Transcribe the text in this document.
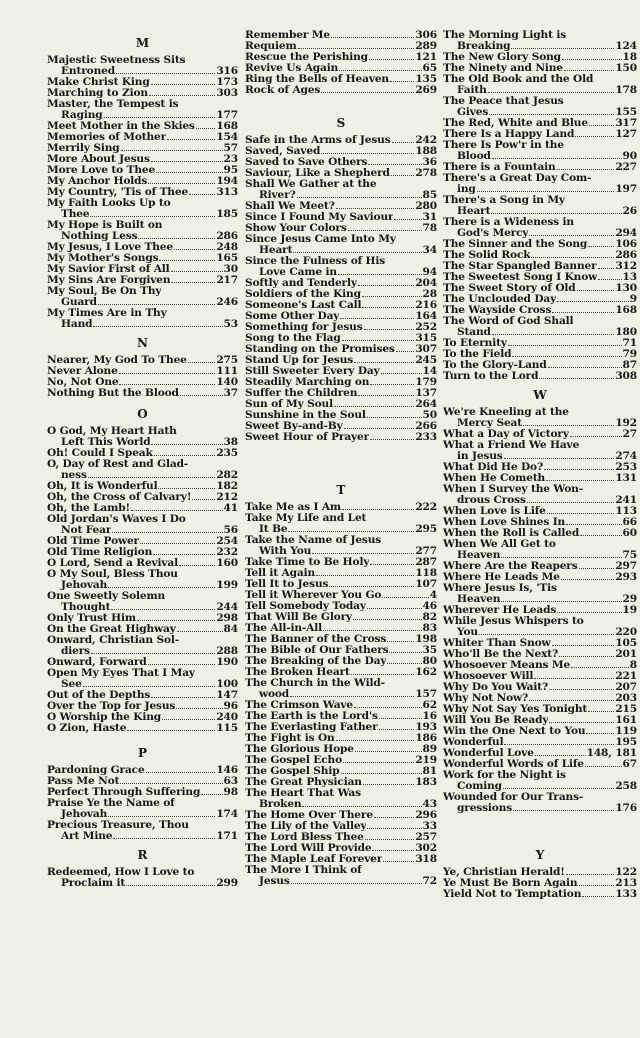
M
Majestic Sweetness Sits
Entroned	316
Make Christ King	173
Marching to Zion	303
Master, the Tempest is
Raging	177
Meet Mother in the Skies 168
Memories of Mother	154
Merrily Sing	57
More About Jesus	23
More Love to Thee	95
My Anchor Holds	194
My Country, 'Tis of Thee	313
My Faith Looks Up to
Thee	185
My Hope is Built on
Nothing Less	286
My Jesus, I Love Thee	248
My Mother's Songs	165
My Savior First of All	30
My Sins Are Forgiven	217
My Soul, Be On Thy
Guard	246
My Times Are in Thy
Hand	53
N
Nearer, My God To Thee	275
Never Alone	111
No, Not One	140
Nothing But the Blood	37
O
O God, My Heart Hath
Left This World	38
Oh! Could I Speak	235
O, Day of Rest and Glad-
ness	282
Oh, It is Wonderful	182
Oh, the Cross of Calvary! 212
Oh, the Lamb!	41
Old Jordan's Waves I Do
Not Fear	56
Old Time Power	254
Old Time Religion	232
O Lord, Send a Revival	160
O My Soul, Bless Thou
Jehovah	199
One Sweetly Solemn
Thought	244
Only Trust Him	298
On the Great Highway	84
Onward, Christian Sol-
diers	288
Onward, Forward	190
Open My Eyes That I May
See	100
Out of the Depths	147
Over the Top for Jesus	96
O Worship the King	240
O Zion, Haste	115
P
Pardoning Grace	146
Pass Me Not	63
Perfect Through Suffering 98
Praise Ye the Name of
Jehovah	174
Precious Treasure, Thou
Art Mine	171
R
Redeemed, How I Love to
Proclaim it	299
Remember Me	306
Requiem	289
Rescue the Perishing	121
Revive Us Again	65
Ring the Bells of Heaven 135
Rock of Ages	269
S
Safe in the Arms of Jesus 242
Saved, Saved	188
Saved to Save Others	36
Saviour, Like a Shepherd 278
Shall We Gather at the
River?	85
Shall We Meet?	280
Since I Found My Saviour	31
Show Your Colors	78
Since Jesus Came Into My
Heart	34
Since the Fulness of His
Love Came in	94
Softly and Tenderly	204
Soldiers of the King	28
Someone's Last Call	216
Some Other Day	164
Something for Jesus	252
Song to the Flag	315
Standing on the Promises 307
Stand Up for Jesus	245
Still Sweeter Every Day	14
Steadily Marching on	179
Suffer the Children	137
Sun of My Soul	264
Sunshine in the Soul	50
Sweet By-and-By	266
Sweet Hour of Prayer	233
T
Take Me as I Am	222
Take My Life and Let
It Be	295
Take the Name of Jesus
With You	277
Take Time to Be Holy	287
Tell it Again	118
Tell It to Jesus	107
Tell it Wherever You Go	4
Tell Somebody Today	46
That Will Be Glory	82
The All-in-All	83
The Banner of the Cross	198
The Bible of Our Fathers	35
The Breaking of the Day	80
The Broken Heart	162
The Church in the Wild-
wood	157
The Crimson Wave	62
The Earth is the Lord's	16
The Everlasting Father	193
The Fight is On	186
The Glorious Hope	89
The Gospel Echo	219
The Gospel Ship	81
The Great Physician	183
The Heart That Was
Broken	43
The Home Over There	296
The Lily of the Valley	33
The Lord Bless Thee	257
The Lord Will Provide	302
The Maple Leaf Forever	318
The More I Think of
Jesus	72
The Morning Light is
Breaking	124
The New Glory Song	18
The Ninety and Nine	150
The Old Book and the Old
Faith	178
The Peace that Jesus
Gives	155
The Red, White and Blue	317
There Is a Happy Land	127
There Is Pow'r in the
Blood	90
There is a Fountain	227
There's a Great Day Com-
ing	197
There's a Song in My
Heart	26
There is a Wideness in
God's Mercy	294
The Sinner and the Song	106
The Solid Rock	286
The Star Spangled Banner 312
The Sweetest Song I Know 13
The Sweet Story of Old	130
The Unclouded Day	9
The Wayside Cross	168
The Word of God Shall
Stand	180
To Eternity	71
To the Field	79
To the Glory-Land	87
Turn to the Lord	308
W
We're Kneeling at the
Mercy Seat	192
What a Day of Victory	27
What a Friend We Have
in Jesus	274
What Did He Do?	253
When He Cometh	131
When I Survey the Won-
drous Cross	241
When Love is Life	113
When Love Shines In	66
When the Roll is Called	60
When We All Get to
Heaven	75
Where Are the Reapers	297
Where He Leads Me	293
Where Jesus Is, 'Tis
Heaven	29
Wherever He Leads	19
While Jesus Whispers to
You	220
Whiter Than Snow	105
Who'll Be the Next?	201
Whosoever Means Me	8
Whosoever Will	221
Why Do You Wait?	207
Why Not Now?	203
Why Not Say Yes Tonight	215
Will You Be Ready	161
Win the One Next to You	119
Wonderful	195
Wonderful Love	148, 181
Wonderful Words of Life	67
Work for the Night is
Coming	258
Wounded for Our Trans-
gressions	176
Y
Ye, Christian Herald!	122
Ye Must Be Born Again	213
Yield Not to Temptation	133
